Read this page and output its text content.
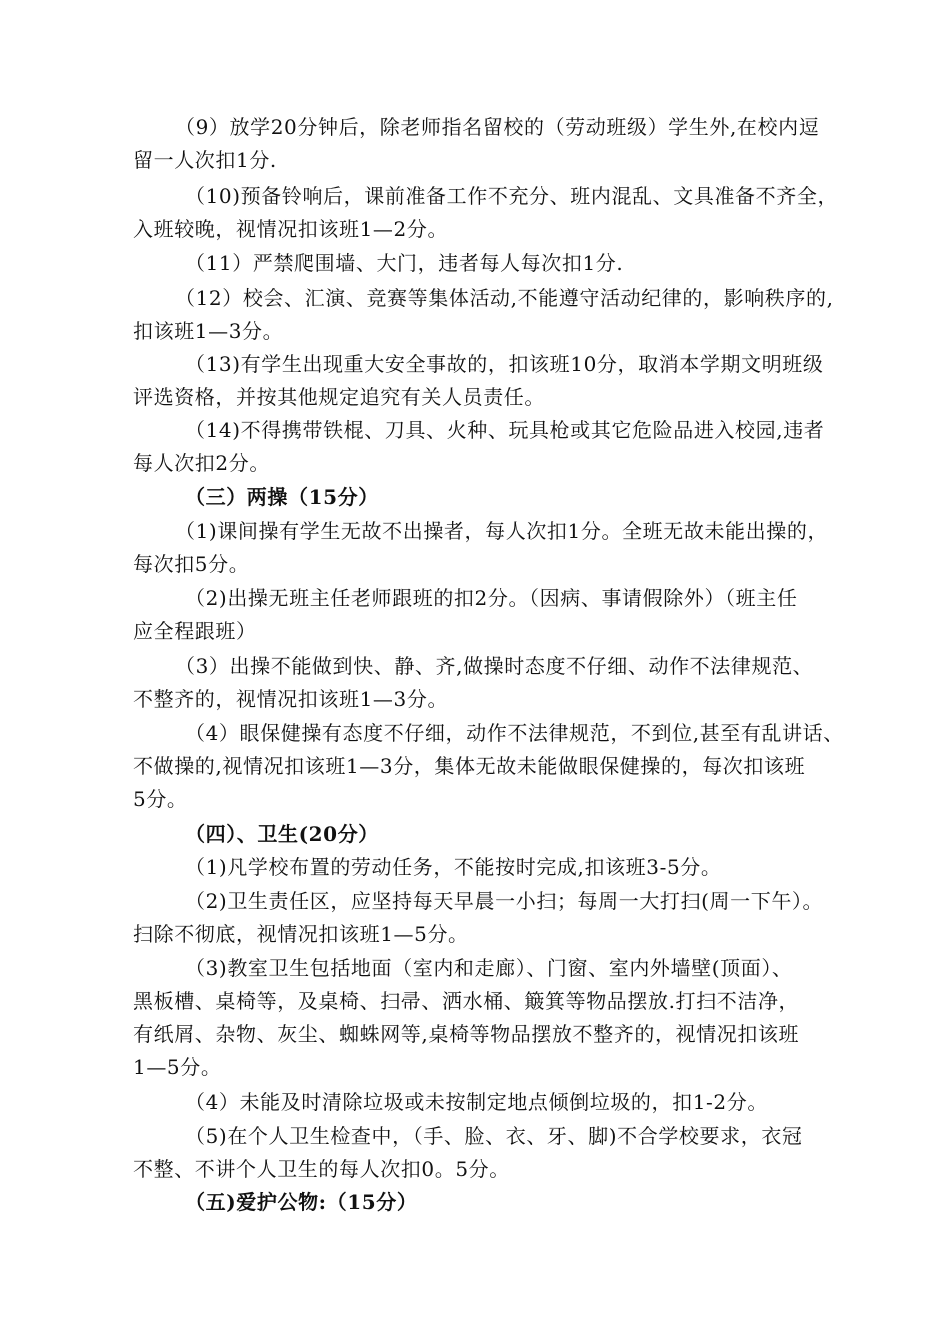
（9）放学20分钟后，除老师指名留校的（劳动班级）学生外,在校内逗
留一人次扣1分.
（10)预备铃响后，课前准备工作不充分、班内混乱、文具准备不齐全，
入班较晚，视情况扣该班1—2分。
（11）严禁爬围墙、大门，违者每人每次扣1分.
（12）校会、汇演、竞赛等集体活动,不能遵守活动纪律的，影响秩序的,
扣该班1—3分。
（13)有学生出现重大安全事故的，扣该班10分，取消本学期文明班级
评选资格，并按其他规定追究有关人员责任。
（14)不得携带铁棍、刀具、火种、玩具枪或其它危险品进入校园,违者
每人次扣2分。
（三）两操（15分）
（1)课间操有学生无故不出操者，每人次扣1分。全班无故未能出操的，
每次扣5分。
（2)出操无班主任老师跟班的扣2分。（因病、事请假除外）（班主任
应全程跟班）
（3）出操不能做到快、静、齐,做操时态度不仔细、动作不法律规范、
不整齐的，视情况扣该班1—3分。
（4）眼保健操有态度不仔细，动作不法律规范，不到位,甚至有乱讲话、
不做操的,视情况扣该班1—3分，集体无故未能做眼保健操的，每次扣该班
5分。
（四）、卫生(20分）
（1)凡学校布置的劳动任务，不能按时完成,扣该班3-5分。
（2)卫生责任区，应坚持每天早晨一小扫；每周一大打扫(周一下午）。
扫除不彻底，视情况扣该班1—5分。
（3)教室卫生包括地面（室内和走廊）、门窗、室内外墙壁(顶面）、
黑板槽、桌椅等，及桌椅、扫帚、洒水桶、簸箕等物品摆放.打扫不洁净，
有纸屑、杂物、灰尘、蜘蛛网等,桌椅等物品摆放不整齐的，视情况扣该班
1—5分。
（4）未能及时清除垃圾或未按制定地点倾倒垃圾的，扣1-2分。
（5)在个人卫生检查中，（手、脸、衣、牙、脚)不合学校要求，衣冠
不整、不讲个人卫生的每人次扣0。5分。
（五)爱护公物:（15分）
